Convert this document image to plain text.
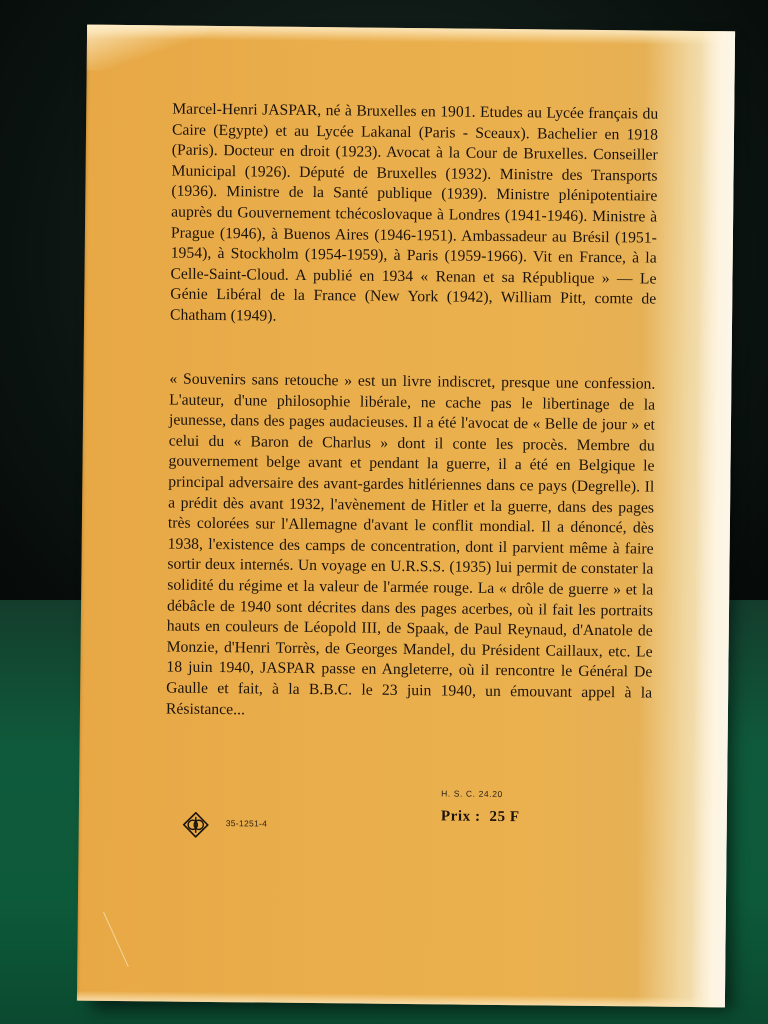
Marcel-Henri JASPAR, né à Bruxelles en 1901. Etudes au Lycée français du Caire (Egypte) et au Lycée Lakanal (Paris - Sceaux). Bachelier en 1918 (Paris). Docteur en droit (1923). Avocat à la Cour de Bruxelles. Conseiller Municipal (1926). Député de Bruxelles (1932). Ministre des Transports (1936). Ministre de la Santé publique (1939). Ministre plénipotentiaire auprès du Gouvernement tchécoslovaque à Londres (1941-1946). Ministre à Prague (1946), à Buenos Aires (1946-1951). Ambassadeur au Brésil (1951-1954), à Stockholm (1954-1959), à Paris (1959-1966). Vit en France, à la Celle-Saint-Cloud. A publié en 1934 « Renan et sa République » — Le Génie Libéral de la France (New York (1942), William Pitt, comte de Chatham (1949).

« Souvenirs sans retouche » est un livre indiscret, presque une confession. L'auteur, d'une philosophie libérale, ne cache pas le libertinage de la jeunesse, dans des pages audacieuses. Il a été l'avocat de « Belle de jour » et celui du « Baron de Charlus » dont il conte les procès. Membre du gouvernement belge avant et pendant la guerre, il a été en Belgique le principal adversaire des avant-gardes hitlériennes dans ce pays (Degrelle). Il a prédit dès avant 1932, l'avènement de Hitler et la guerre, dans des pages très colorées sur l'Allemagne d'avant le conflit mondial. Il a dénoncé, dès 1938, l'existence des camps de concentration, dont il parvient même à faire sortir deux internés. Un voyage en U.R.S.S. (1935) lui permit de constater la solidité du régime et la valeur de l'armée rouge. La « drôle de guerre » et la débâcle de 1940 sont décrites dans des pages acerbes, où il fait les portraits hauts en couleurs de Léopold III, de Spaak, de Paul Reynaud, d'Anatole de Monzie, d'Henri Torrès, de Georges Mandel, du Président Caillaux, etc. Le 18 juin 1940, JASPAR passe en Angleterre, où il rencontre le Général De Gaulle et fait, à la B.B.C. le 23 juin 1940, un émouvant appel à la Résistance...

35-1251-4
H. S. C. 24.20
Prix :  25 F
